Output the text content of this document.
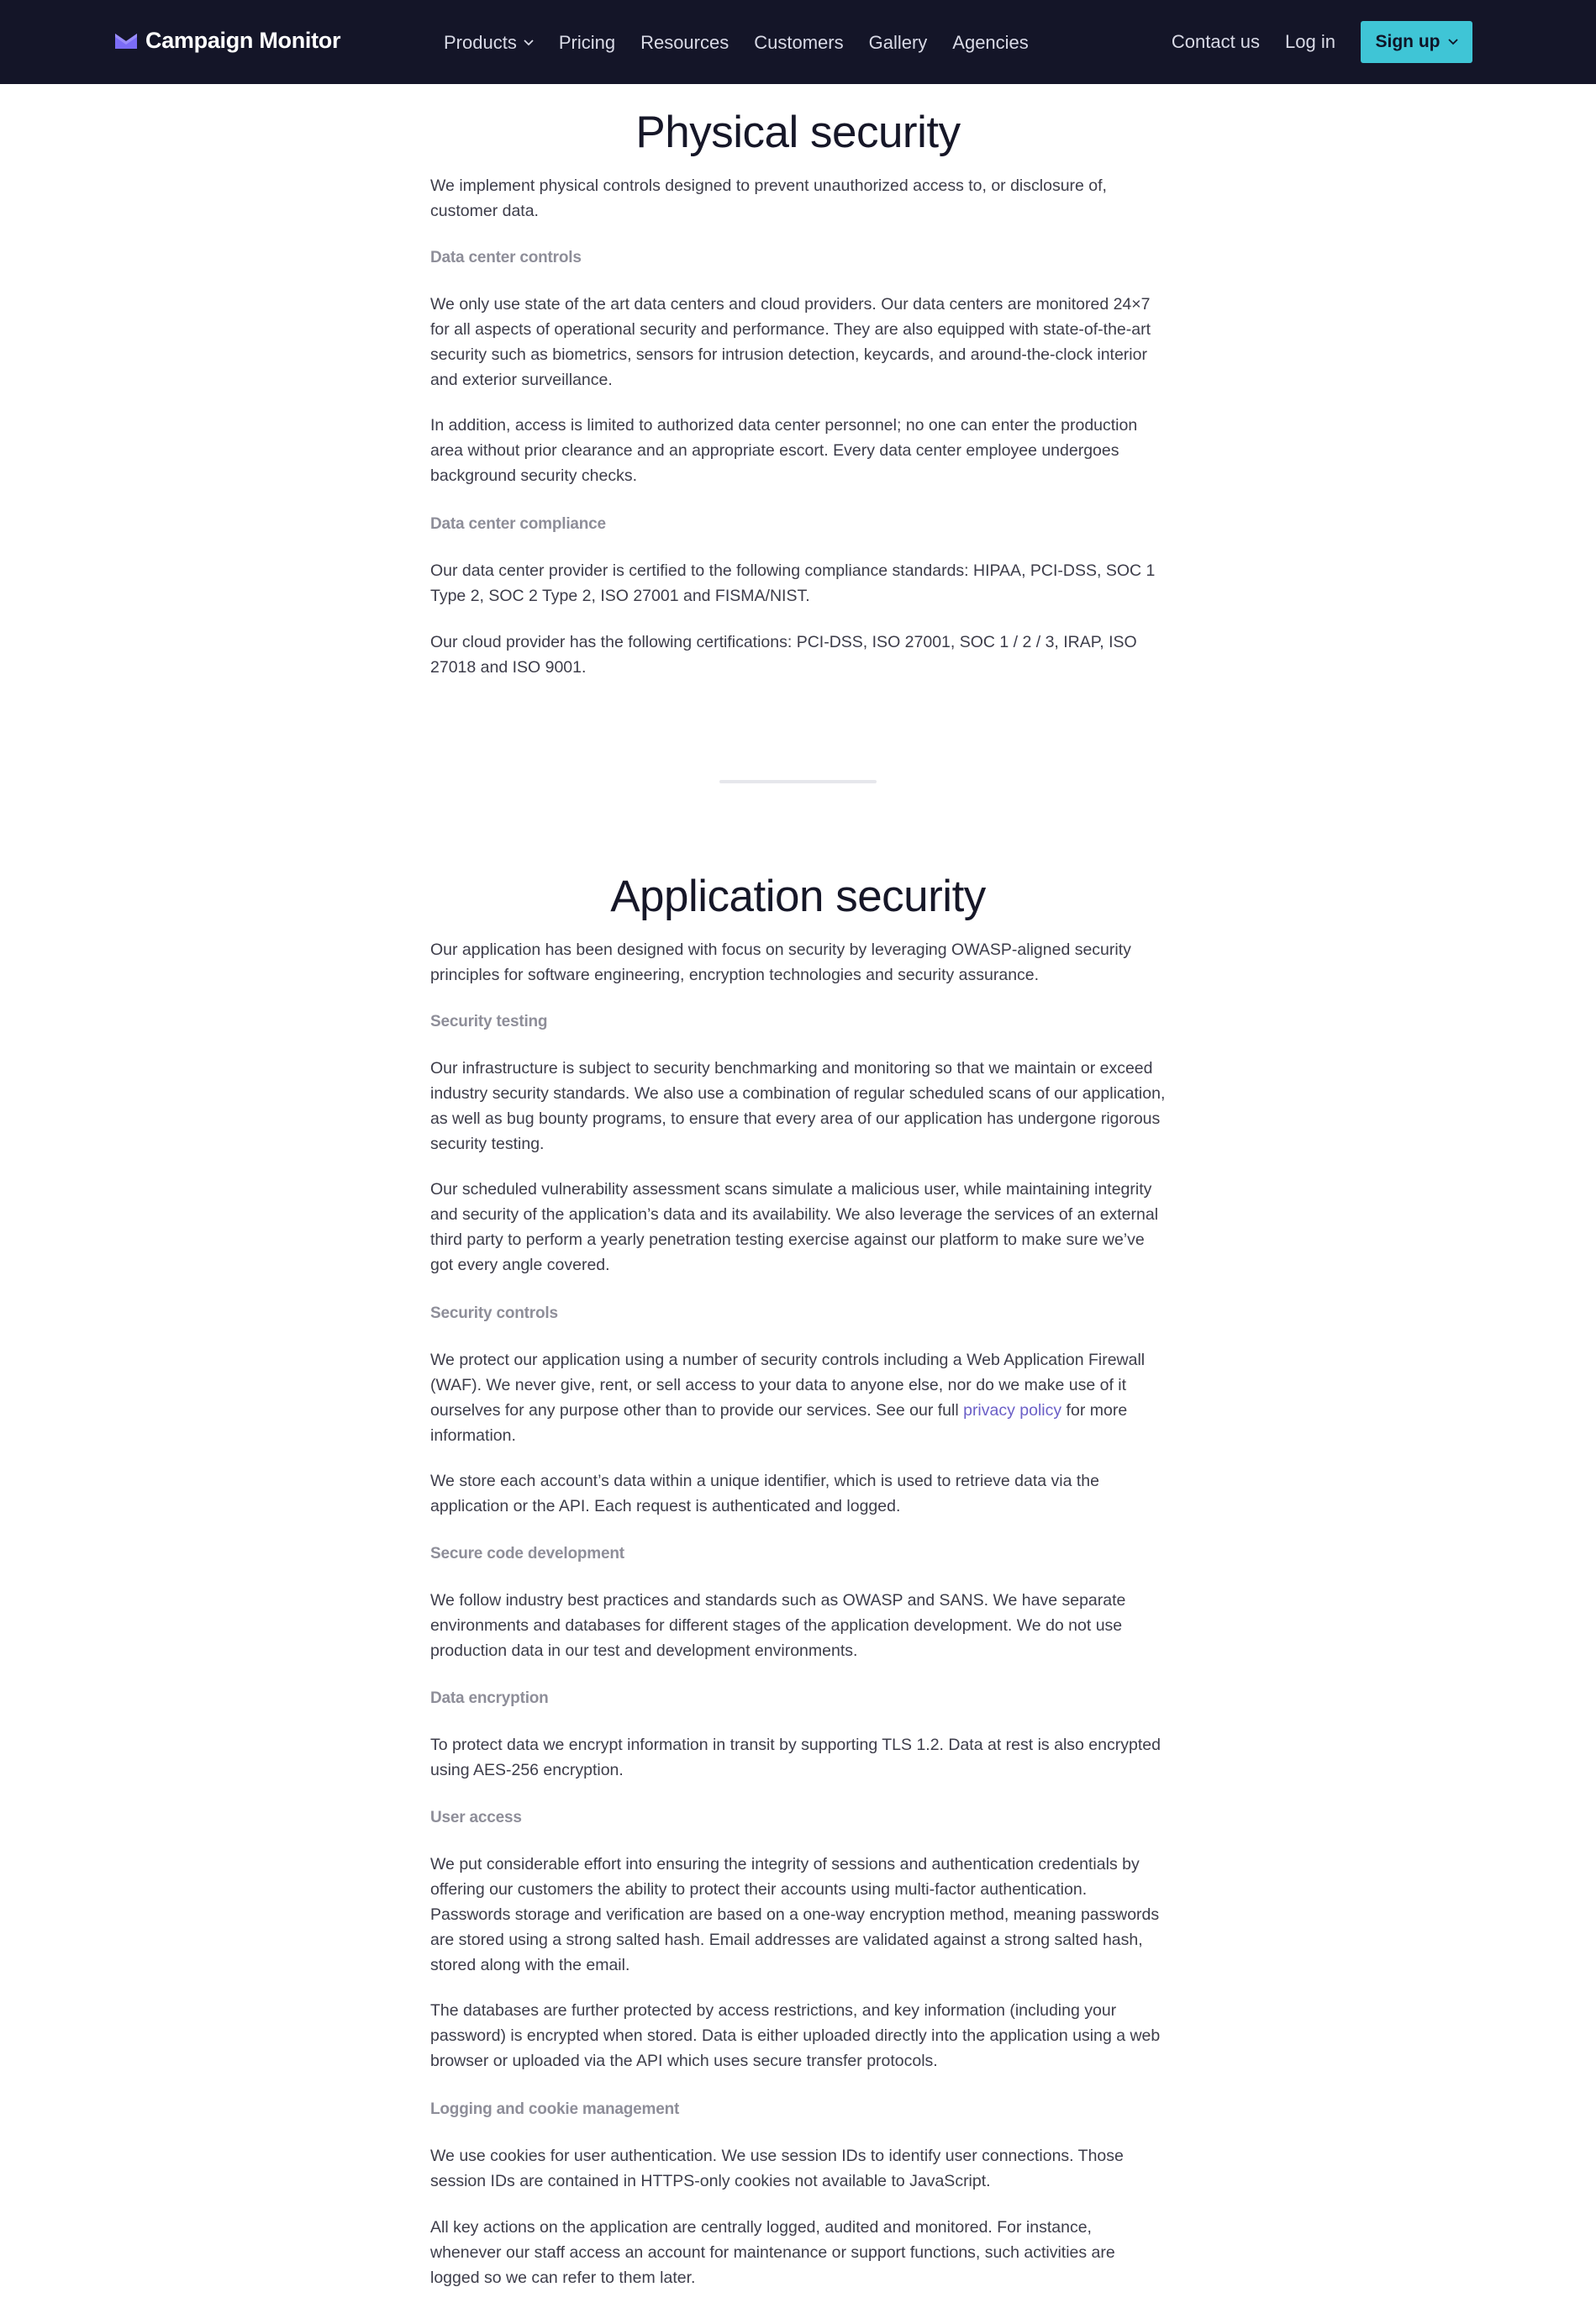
Campaign Monitor	Products Pricing Resources Customers Gallery Agencies	Contact us Log in Sign up
Physical security

We implement physical controls designed to prevent unauthorized access to, or disclosure of, customer data.

Data center controls

We only use state of the art data centers and cloud providers. Our data centers are monitored 24×7 for all aspects of operational security and performance. They are also equipped with state-of-the-art security such as biometrics, sensors for intrusion detection, keycards, and around-the-clock interior and exterior surveillance.

In addition, access is limited to authorized data center personnel; no one can enter the production area without prior clearance and an appropriate escort. Every data center employee undergoes background security checks.

Data center compliance

Our data center provider is certified to the following compliance standards: HIPAA, PCI-DSS, SOC 1 Type 2, SOC 2 Type 2, ISO 27001 and FISMA/NIST.

Our cloud provider has the following certifications: PCI-DSS, ISO 27001, SOC 1 / 2 / 3, IRAP, ISO 27018 and ISO 9001.

Application security

Our application has been designed with focus on security by leveraging OWASP-aligned security principles for software engineering, encryption technologies and security assurance.

Security testing

Our infrastructure is subject to security benchmarking and monitoring so that we maintain or exceed industry security standards. We also use a combination of regular scheduled scans of our application, as well as bug bounty programs, to ensure that every area of our application has undergone rigorous security testing.

Our scheduled vulnerability assessment scans simulate a malicious user, while maintaining integrity and security of the application’s data and its availability. We also leverage the services of an external third party to perform a yearly penetration testing exercise against our platform to make sure we’ve got every angle covered.

Security controls

We protect our application using a number of security controls including a Web Application Firewall (WAF). We never give, rent, or sell access to your data to anyone else, nor do we make use of it ourselves for any purpose other than to provide our services. See our full privacy policy for more information.

We store each account’s data within a unique identifier, which is used to retrieve data via the application or the API. Each request is authenticated and logged.

Secure code development

We follow industry best practices and standards such as OWASP and SANS. We have separate environments and databases for different stages of the application development. We do not use production data in our test and development environments.

Data encryption

To protect data we encrypt information in transit by supporting TLS 1.2. Data at rest is also encrypted using AES-256 encryption.

User access

We put considerable effort into ensuring the integrity of sessions and authentication credentials by offering our customers the ability to protect their accounts using multi-factor authentication. Passwords storage and verification are based on a one-way encryption method, meaning passwords are stored using a strong salted hash. Email addresses are validated against a strong salted hash, stored along with the email.

The databases are further protected by access restrictions, and key information (including your password) is encrypted when stored. Data is either uploaded directly into the application using a web browser or uploaded via the API which uses secure transfer protocols.

Logging and cookie management

We use cookies for user authentication. We use session IDs to identify user connections. Those session IDs are contained in HTTPS-only cookies not available to JavaScript.

All key actions on the application are centrally logged, audited and monitored. For instance, whenever our staff access an account for maintenance or support functions, such activities are logged so we can refer to them later.
